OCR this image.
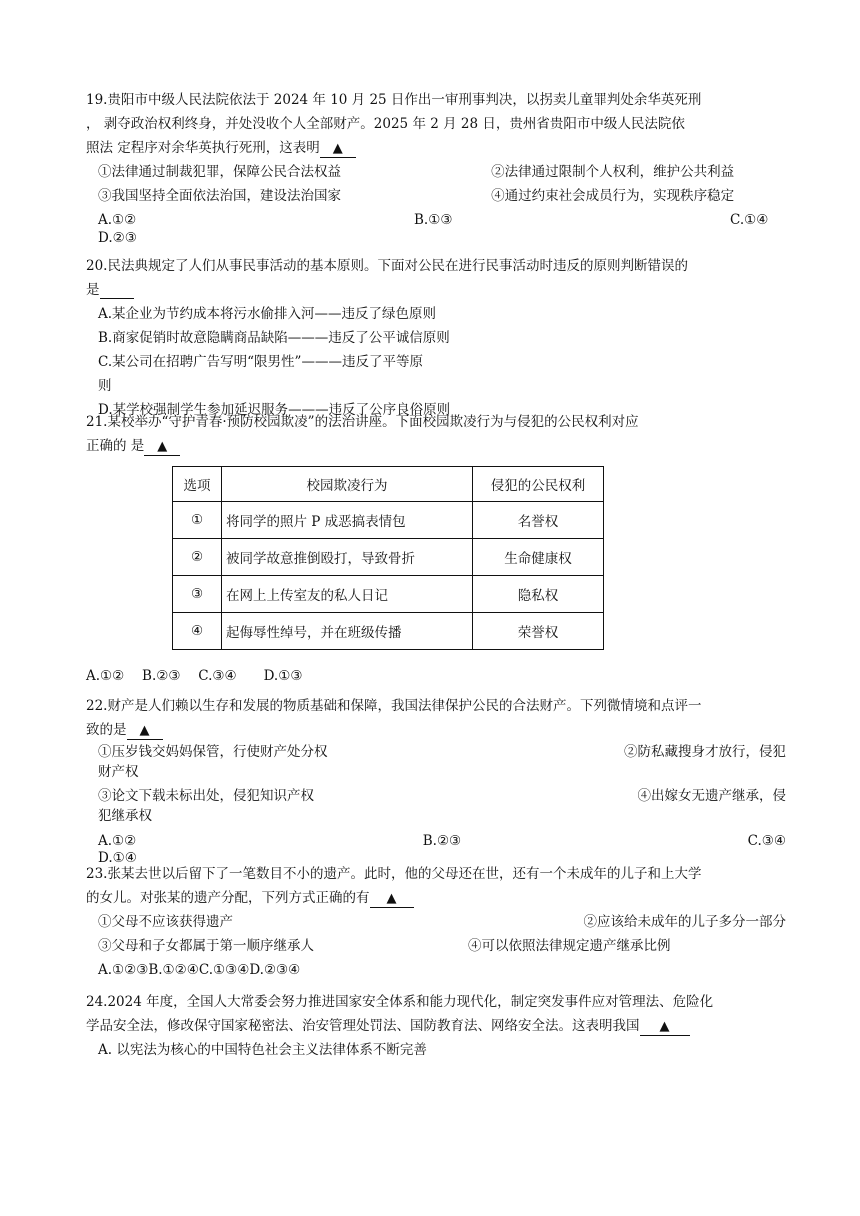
19.贵阳市中级人民法院依法于 2024 年 10 月 25 日作出一审刑事判决，以拐卖儿童罪判处余华英死刑
， 剥夺政治权利终身，并处没收个人全部财产。2025 年 2 月 28 日，贵州省贵阳市中级人民法院依
照法 定程序对余华英执行死刑，这表明 ▲
①法律通过制裁犯罪，保障公民合法权益	②法律通过限制个人权利，维护公共利益
③我国坚持全面依法治国，建设法治国家	④通过约束社会成员行为，实现秩序稳定
A.①②	B.①③	C.①④
D.②③
20.民法典规定了人们从事民事活动的基本原则。下面对公民在进行民事活动时违反的原则判断错误的
是
A.某企业为节约成本将污水偷排入河——违反了绿色原则
B.商家促销时故意隐瞒商品缺陷———违反了公平诚信原则
C.某公司在招聘广告写明“限男性”———违反了平等原
则
D.某学校强制学生参加延迟服务———违反了公序良俗原则
21.某校举办“守护青春·预防校园欺凌”的法治讲座。下面校园欺凌行为与侵犯的公民权利对应
正确的 是 ▲
选项	校园欺凌行为	侵犯的公民权利
①	将同学的照片 P 成恶搞表情包	名誉权
②	被同学故意推倒殴打，导致骨折	生命健康权
③	在网上上传室友的私人日记	隐私权
④	起侮辱性绰号，并在班级传播	荣誉权
A.①②　 B.②③　 C.③④　　D.①③
22.财产是人们赖以生存和发展的物质基础和保障，我国法律保护公民的合法财产。下列微情境和点评一
致的是 ▲
①压岁钱交妈妈保管，行使财产处分权	②防私藏搜身才放行，侵犯
财产权
③论文下载未标出处，侵犯知识产权	④出嫁女无遗产继承，侵
犯继承权
A.①②	B.②③	C.③④
D.①④
23.张某去世以后留下了一笔数目不小的遗产。此时，他的父母还在世，还有一个未成年的儿子和上大学
的女儿。对张某的遗产分配，下列方式正确的有 ▲
①父母不应该获得遗产	②应该给未成年的儿子多分一部分
③父母和子女都属于第一顺序继承人	④可以依照法律规定遗产继承比例
A.①②③B.①②④C.①③④D.②③④
24.2024 年度，全国人大常委会努力推进国家安全体系和能力现代化，制定突发事件应对管理法、危险化
学品安全法，修改保守国家秘密法、治安管理处罚法、国防教育法、网络安全法。这表明我国 ▲
A. 以宪法为核心的中国特色社会主义法律体系不断完善
